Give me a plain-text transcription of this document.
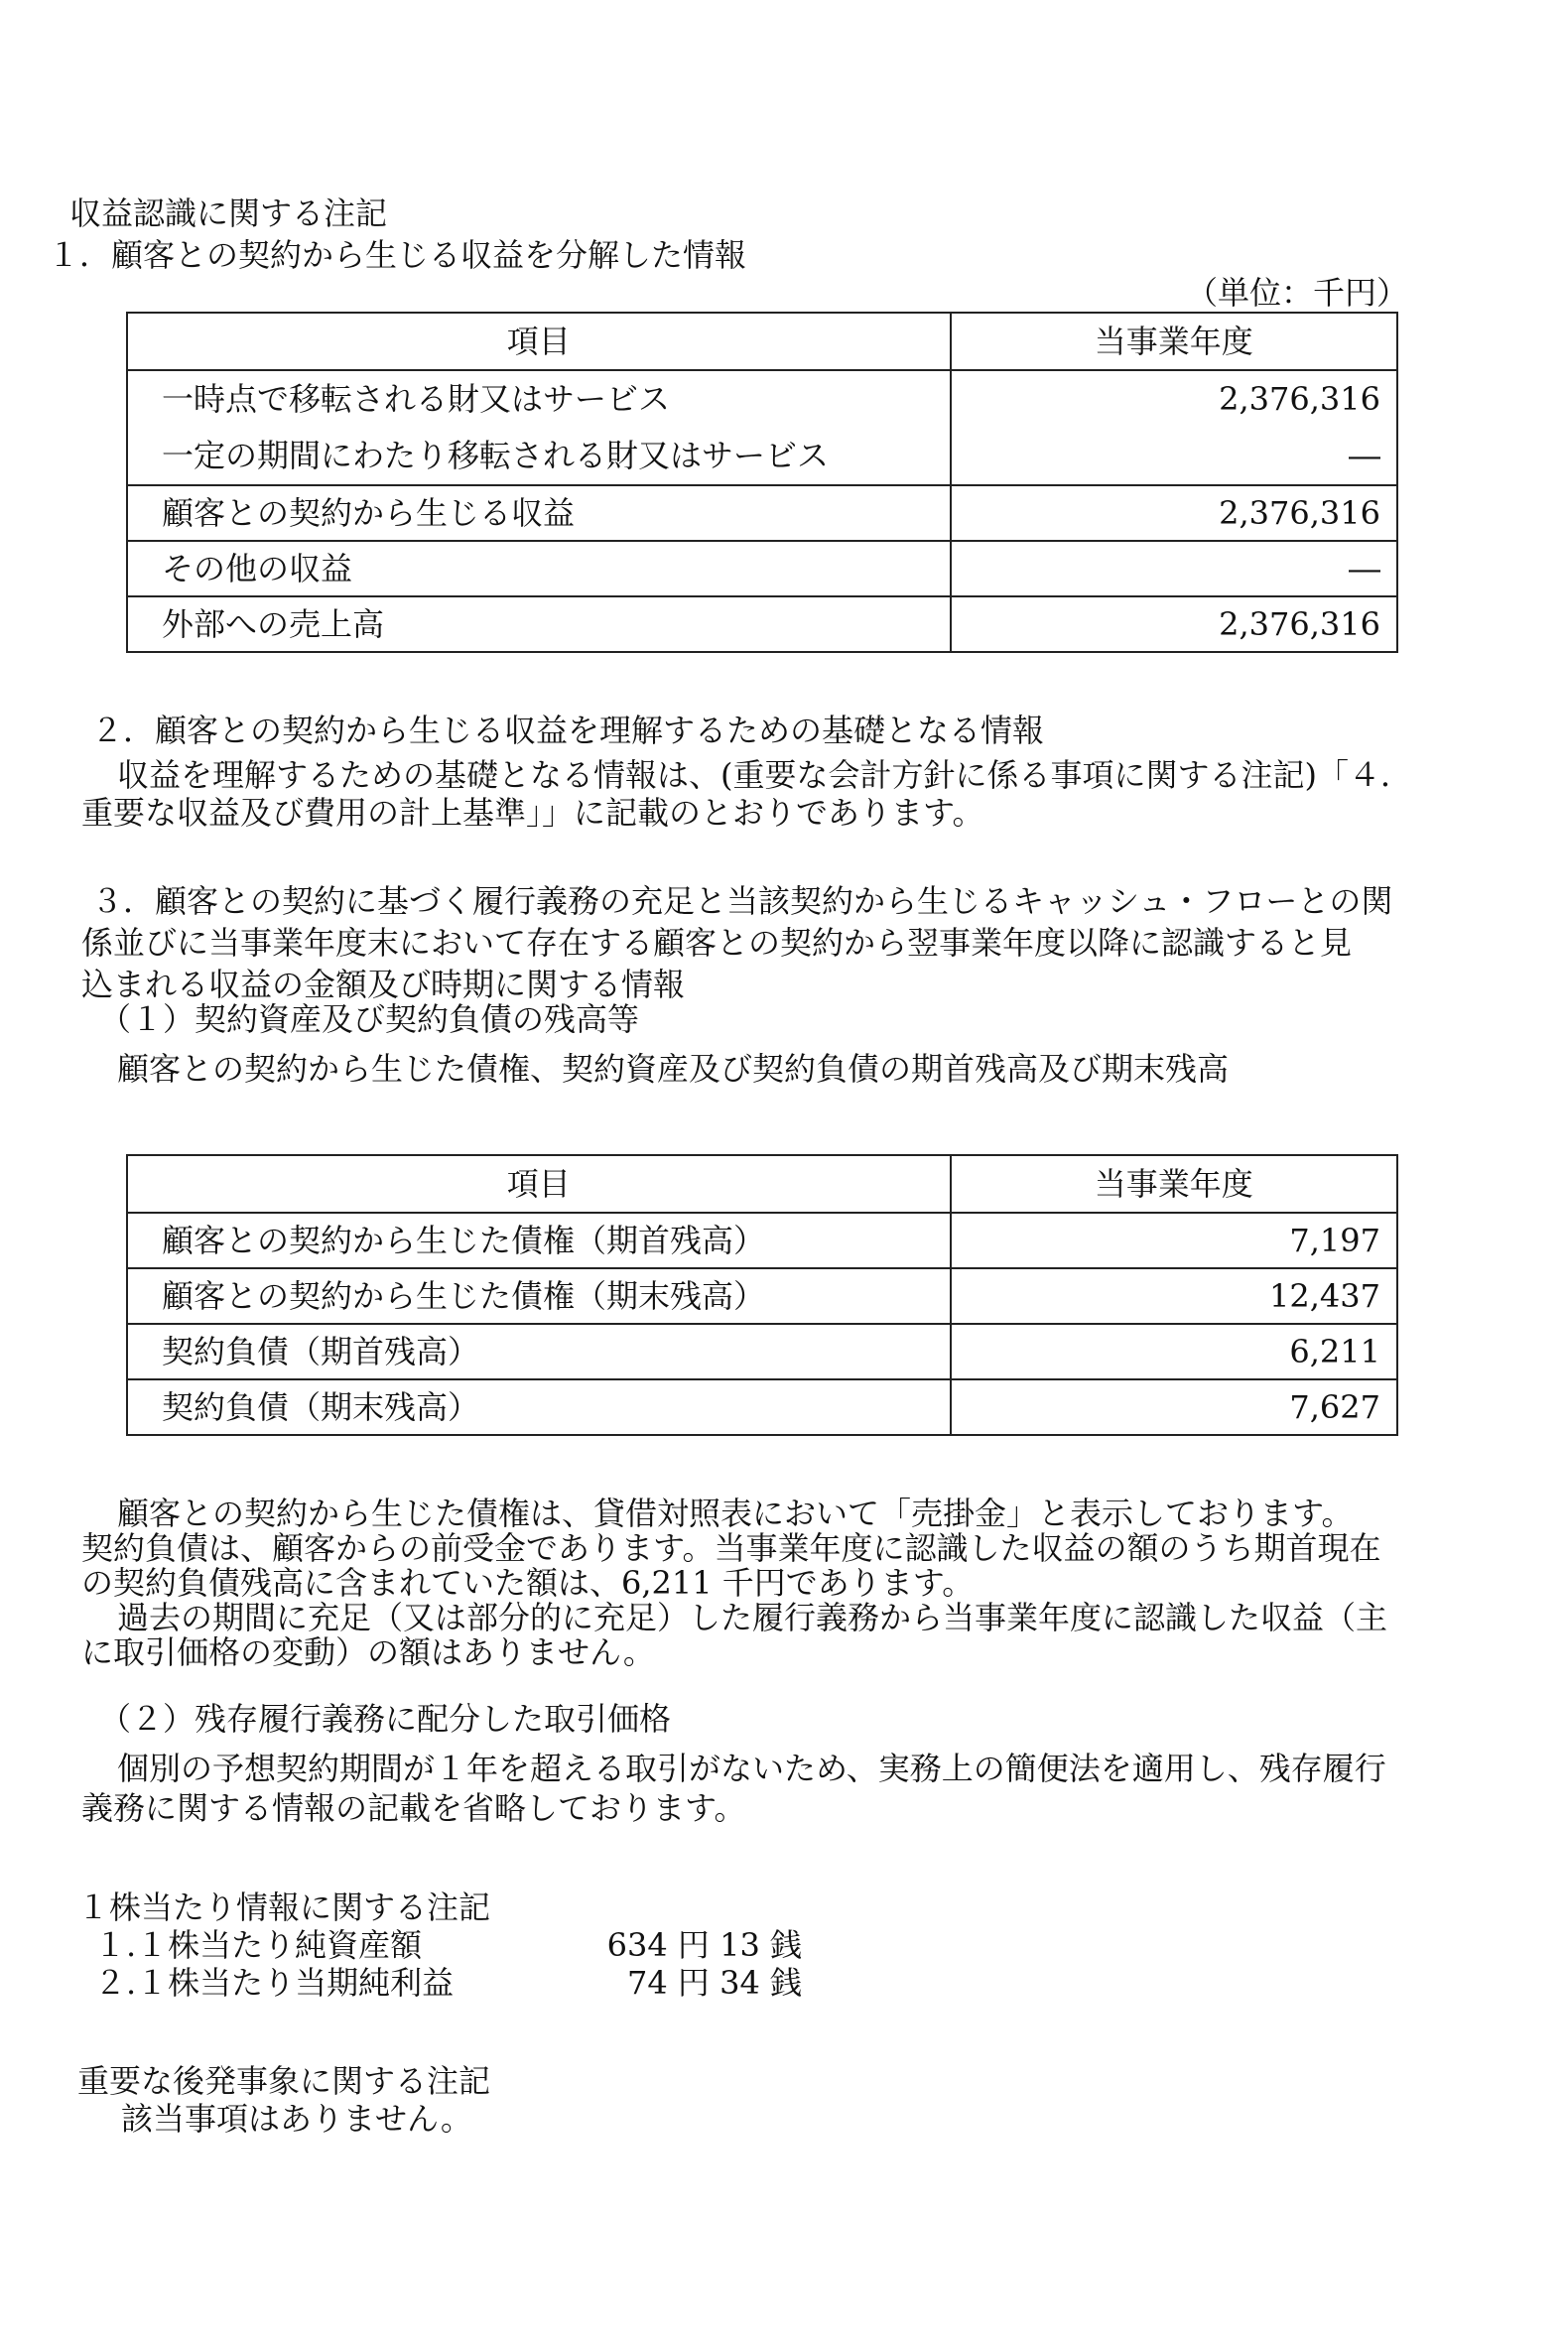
収益認識に関する注記

１．顧客との契約から生じる収益を分解した情報

（単位：千円）

項目	当事業年度
一時点で移転される財又はサービス	2,376,316
一定の期間にわたり移転される財又はサービス	―
顧客との契約から生じる収益	2,376,316
その他の収益	―
外部への売上高	2,376,316

２．顧客との契約から生じる収益を理解するための基礎となる情報

収益を理解するための基礎となる情報は、(重要な会計方針に係る事項に関する注記)「４．
重要な収益及び費用の計上基準」」に記載のとおりであります。
３．顧客との契約に基づく履行義務の充足と当該契約から生じるキャッシュ・フローとの関
係並びに当事業年度末において存在する顧客との契約から翌事業年度以降に認識すると見
込まれる収益の金額及び時期に関する情報

（１）契約資産及び契約負債の残高等

顧客との契約から生じた債権、契約資産及び契約負債の期首残高及び期末残高

項目	当事業年度
顧客との契約から生じた債権（期首残高）	7,197
顧客との契約から生じた債権（期末残高）	12,437
契約負債（期首残高）	6,211
契約負債（期末残高）	7,627
顧客との契約から生じた債権は、貸借対照表において「売掛金」と表示しております。
契約負債は、顧客からの前受金であります。当事業年度に認識した収益の額のうち期首現在
の契約負債残高に含まれていた額は、6,211 千円であります。
過去の期間に充足（又は部分的に充足）した履行義務から当事業年度に認識した収益（主
に取引価格の変動）の額はありません。

（２）残存履行義務に配分した取引価格

個別の予想契約期間が１年を超える取引がないため、実務上の簡便法を適用し、残存履行
義務に関する情報の記載を省略しております。

１株当たり情報に関する注記

１.１株当たり純資産額	634 円 13 銭
２.１株当たり当期純利益	74 円 34 銭

重要な後発事象に関する注記

該当事項はありません。
